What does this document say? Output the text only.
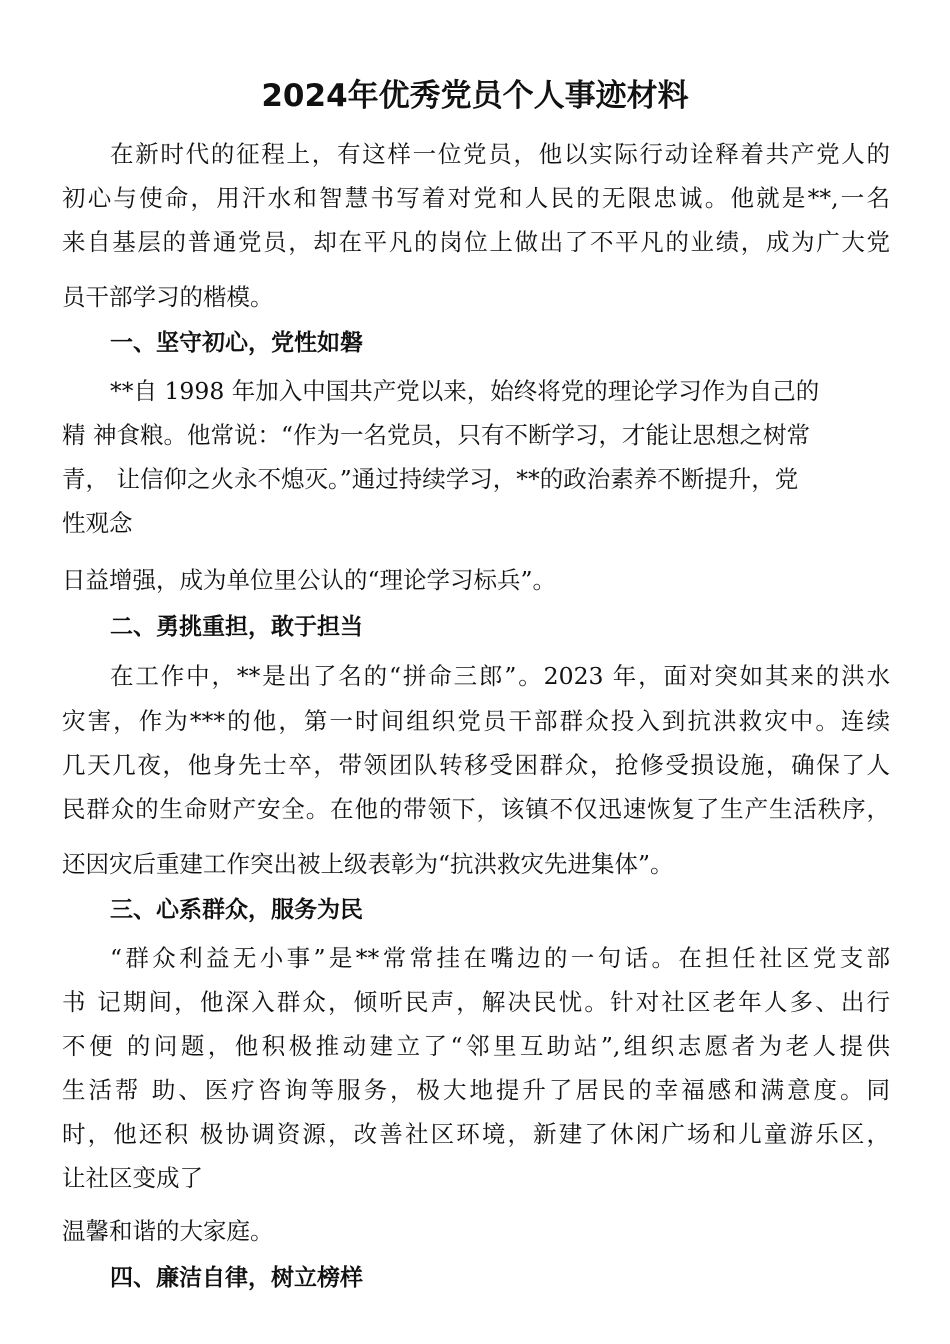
2024年优秀党员个人事迹材料

在新时代的征程上，有这样一位党员，他以实际行动诠释着共产党人的

初心与使命，用汗水和智慧书写着对党和人民的无限忠诚。他就是**,一名

来自基层的普通党员，却在平凡的岗位上做出了不平凡的业绩，成为广大党

员干部学习的楷模。

一、坚守初心，党性如磐

**自 1998 年加入中国共产党以来，始终将党的理论学习作为自己的

精 神食粮。他常说：“作为一名党员，只有不断学习，才能让思想之树常

青， 让信仰之火永不熄灭。”通过持续学习，**的政治素养不断提升，党

性观念

日益增强，成为单位里公认的“理论学习标兵”。

二、勇挑重担，敢于担当

在工作中，**是出了名的“拼命三郎”。2023 年，面对突如其来的洪水

灾害，作为***的他，第一时间组织党员干部群众投入到抗洪救灾中。连续

几天几夜，他身先士卒，带领团队转移受困群众，抢修受损设施，确保了人

民群众的生命财产安全。在他的带领下，该镇不仅迅速恢复了生产生活秩序，

还因灾后重建工作突出被上级表彰为“抗洪救灾先进集体”。

三、心系群众，服务为民

“群众利益无小事”是**常常挂在嘴边的一句话。在担任社区党支部

书 记期间，他深入群众，倾听民声，解决民忧。针对社区老年人多、出行

不便 的问题，他积极推动建立了“邻里互助站”,组织志愿者为老人提供

生活帮 助、医疗咨询等服务，极大地提升了居民的幸福感和满意度。同

时，他还积 极协调资源，改善社区环境，新建了休闲广场和儿童游乐区，

让社区变成了

温馨和谐的大家庭。

四、廉洁自律，树立榜样
